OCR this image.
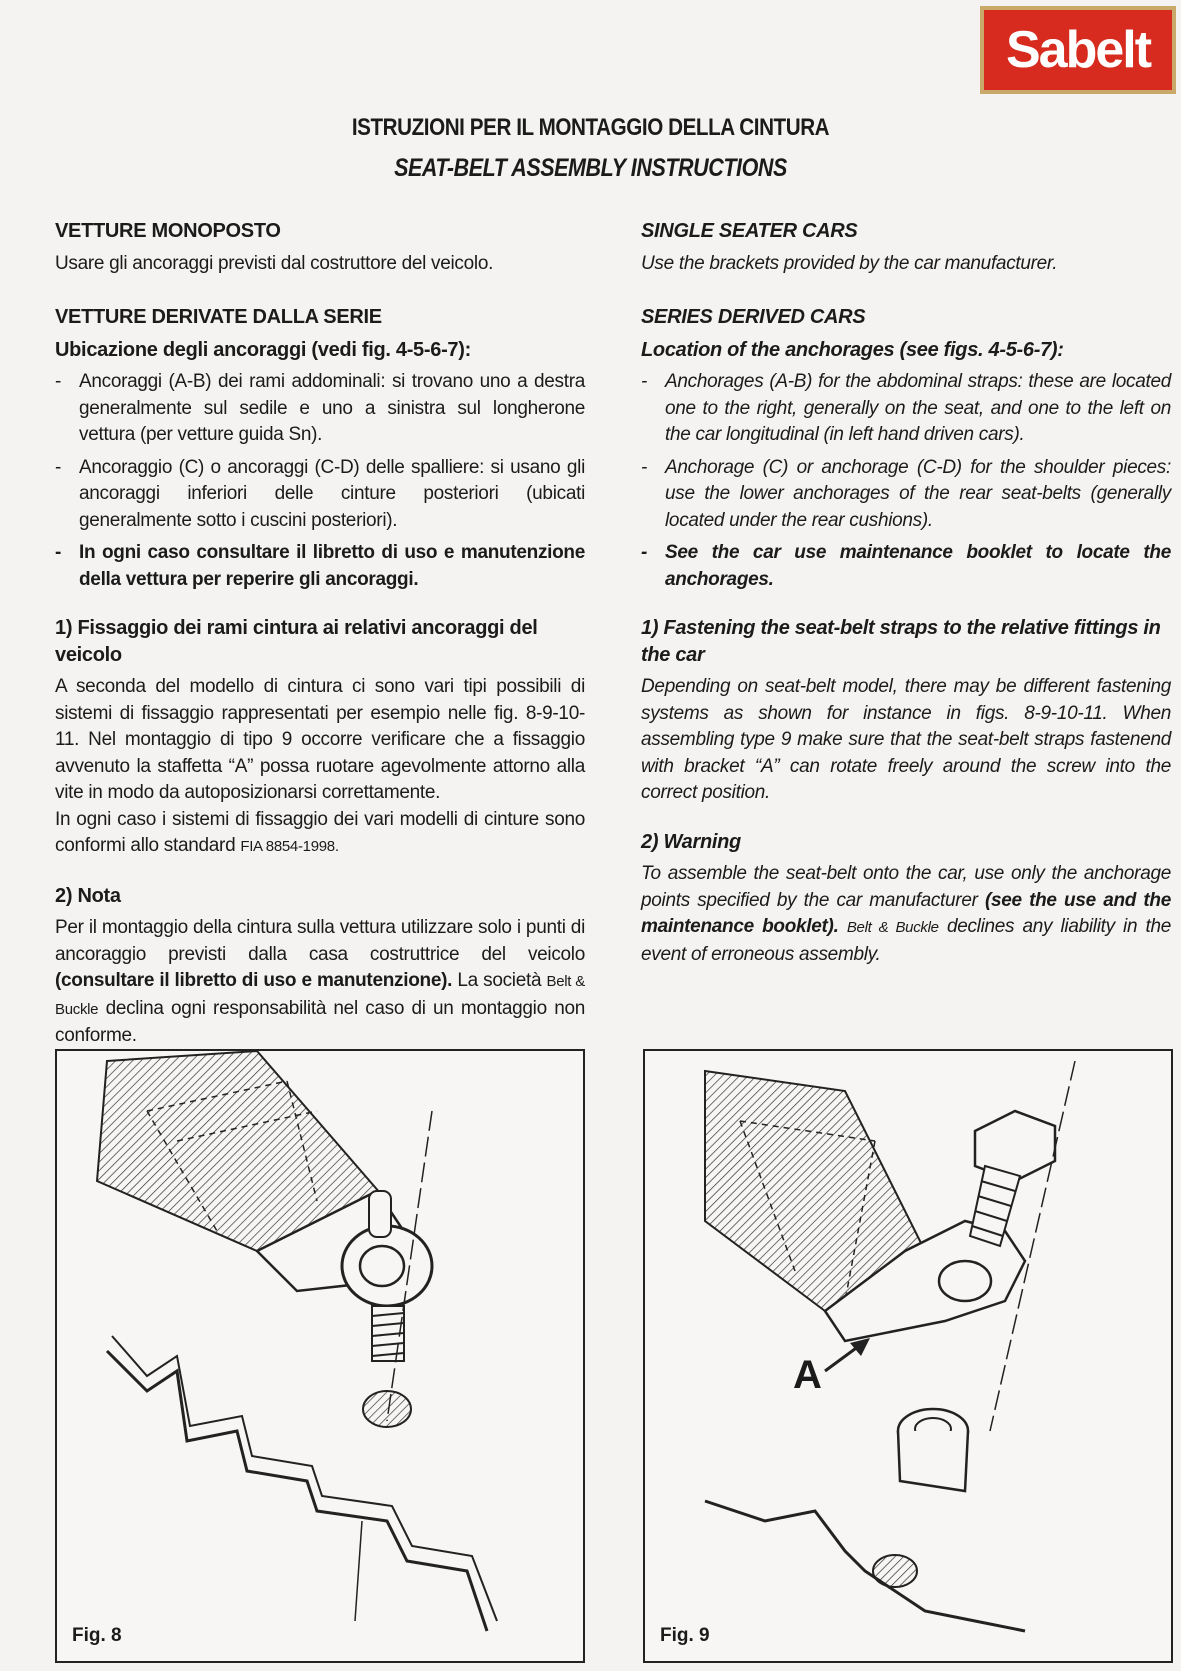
Sabelt
ISTRUZIONI PER IL MONTAGGIO DELLA CINTURA
SEAT-BELT ASSEMBLY INSTRUCTIONS
VETTURE MONOPOSTO

Usare gli ancoraggi previsti dal costruttore del veicolo.

VETTURE DERIVATE DALLA SERIE
Ubicazione degli ancoraggi (vedi fig. 4-5-6-7):
- Ancoraggi (A-B) dei rami addominali: si trovano uno a destra generalmente sul sedile e uno a sinistra sul longherone vettura (per vetture guida Sn).
- Ancoraggio (C) o ancoraggi (C-D) delle spalliere: si usano gli ancoraggi inferiori delle cinture posteriori (ubicati generalmente sotto i cuscini posteriori).
- In ogni caso consultare il libretto di uso e manutenzione della vettura per reperire gli ancoraggi.
1) Fissaggio dei rami cintura ai relativi ancoraggi del veicolo

A seconda del modello di cintura ci sono vari tipi possibili di sistemi di fissaggio rappresentati per esempio nelle fig. 8-9-10-11. Nel montaggio di tipo 9 occorre verificare che a fissaggio avvenuto la staffetta “A” possa ruotare agevolmente attorno alla vite in modo da autoposizionarsi correttamente.

In ogni caso i sistemi di fissaggio dei vari modelli di cinture sono conformi allo standard FIA 8854-1998.

2) Nota

Per il montaggio della cintura sulla vettura utilizzare solo i punti di ancoraggio previsti dalla casa costruttrice del veicolo (consultare il libretto di uso e manutenzione). La società Belt & Buckle declina ogni responsabilità nel caso di un montaggio non conforme.

SINGLE SEATER CARS

Use the brackets provided by the car manufacturer.

SERIES DERIVED CARS
Location of the anchorages (see figs. 4-5-6-7):
- Anchorages (A-B) for the abdominal straps: these are located one to the right, generally on the seat, and one to the left on the car longitudinal (in left hand driven cars).
- Anchorage (C) or anchorage (C-D) for the shoulder pieces: use the lower anchorages of the rear seat-belts (generally located under the rear cushions).
- See the car use maintenance booklet to locate the anchorages.
1) Fastening the seat-belt straps to the relative fittings in the car

Depending on seat-belt model, there may be different fastening systems as shown for instance in figs. 8-9-10-11. When assembling type 9 make sure that the seat-belt straps fastenend with bracket “A” can rotate freely around the screw into the correct position.

2) Warning

To assemble the seat-belt onto the car, use only the anchorage points specified by the car manufacturer (see the use and the maintenance booklet). Belt & Buckle declines any liability in the event of erroneous assembly.

Fig. 8
A
Fig. 9
